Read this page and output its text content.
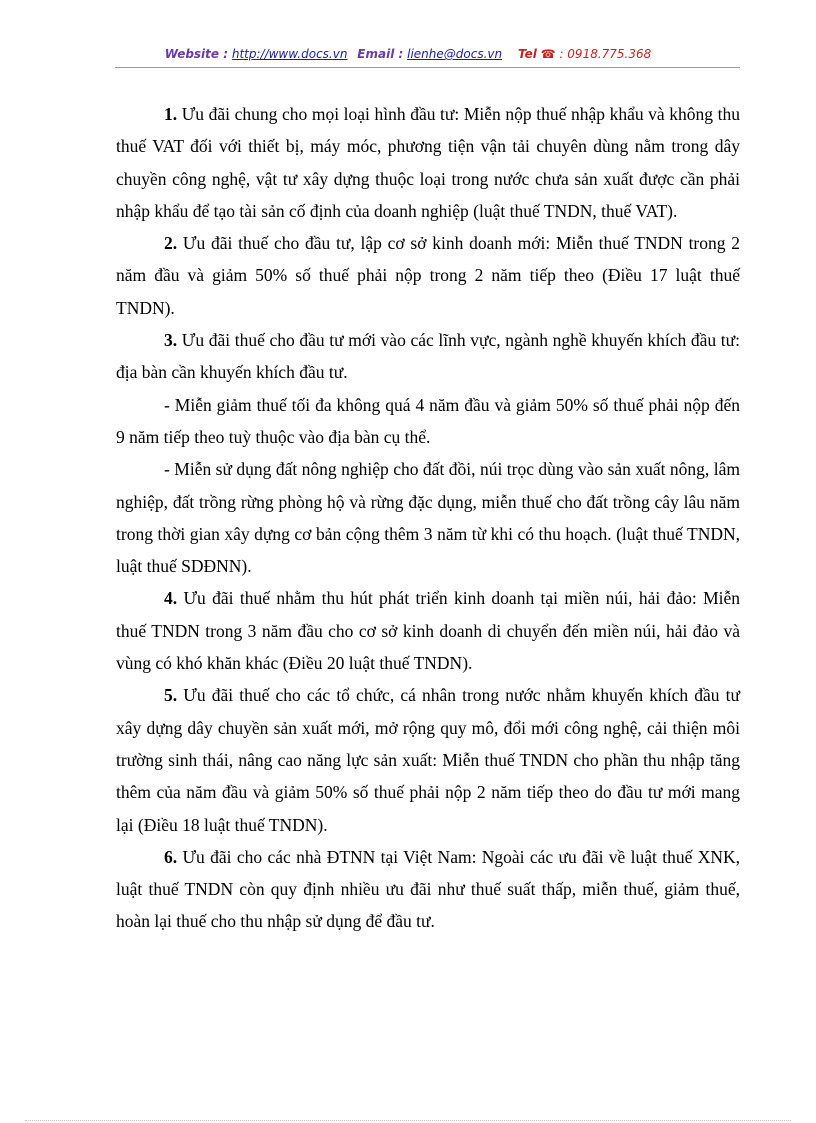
Website : http://www.docs.vn Email : lienhe@docs.vn Tel ☎ : 0918.775.368

1. Ưu đãi chung cho mọi loại hình đầu tư: Miễn nộp thuế nhập khẩu và không thu thuế VAT đối với thiết bị, máy móc, phương tiện vận tải chuyên dùng nằm trong dây chuyền công nghệ, vật tư xây dựng thuộc loại trong nước chưa sản xuất được cần phải nhập khẩu để tạo tài sản cố định của doanh nghiệp (luật thuế TNDN, thuế VAT).

2. Ưu đãi thuế cho đầu tư, lập cơ sở kinh doanh mới: Miễn thuế TNDN trong 2 năm đầu và giảm 50% số thuế phải nộp trong 2 năm tiếp theo (Điều 17 luật thuế TNDN).

3. Ưu đãi thuế cho đầu tư mới vào các lĩnh vực, ngành nghề khuyến khích đầu tư: địa bàn cần khuyến khích đầu tư.

- Miễn giảm thuế tối đa không quá 4 năm đầu và giảm 50% số thuế phải nộp đến 9 năm tiếp theo tuỳ thuộc vào địa bàn cụ thể.

- Miễn sử dụng đất nông nghiệp cho đất đồi, núi trọc dùng vào sản xuất nông, lâm nghiệp, đất trồng rừng phòng hộ và rừng đặc dụng, miễn thuế cho đất trồng cây lâu năm trong thời gian xây dựng cơ bản cộng thêm 3 năm từ khi có thu hoạch. (luật thuế TNDN, luật thuế SDĐNN).

4. Ưu đãi thuế nhằm thu hút phát triển kinh doanh tại miền núi, hải đảo: Miễn thuế TNDN trong 3 năm đầu cho cơ sở kinh doanh di chuyển đến miền núi, hải đảo và vùng có khó khăn khác (Điều 20 luật thuế TNDN).

5. Ưu đãi thuế cho các tổ chức, cá nhân trong nước nhằm khuyến khích đầu tư xây dựng dây chuyền sản xuất mới, mở rộng quy mô, đổi mới công nghệ, cải thiện môi trường sinh thái, nâng cao năng lực sản xuất: Miễn thuế TNDN cho phần thu nhập tăng thêm của năm đầu và giảm 50% số thuế phải nộp 2 năm tiếp theo do đầu tư mới mang lại (Điều 18 luật thuế TNDN).

6. Ưu đãi cho các nhà ĐTNN tại Việt Nam: Ngoài các ưu đãi về luật thuế XNK, luật thuế TNDN còn quy định nhiều ưu đãi như thuế suất thấp, miễn thuế, giảm thuế, hoàn lại thuế cho thu nhập sử dụng để đầu tư.
